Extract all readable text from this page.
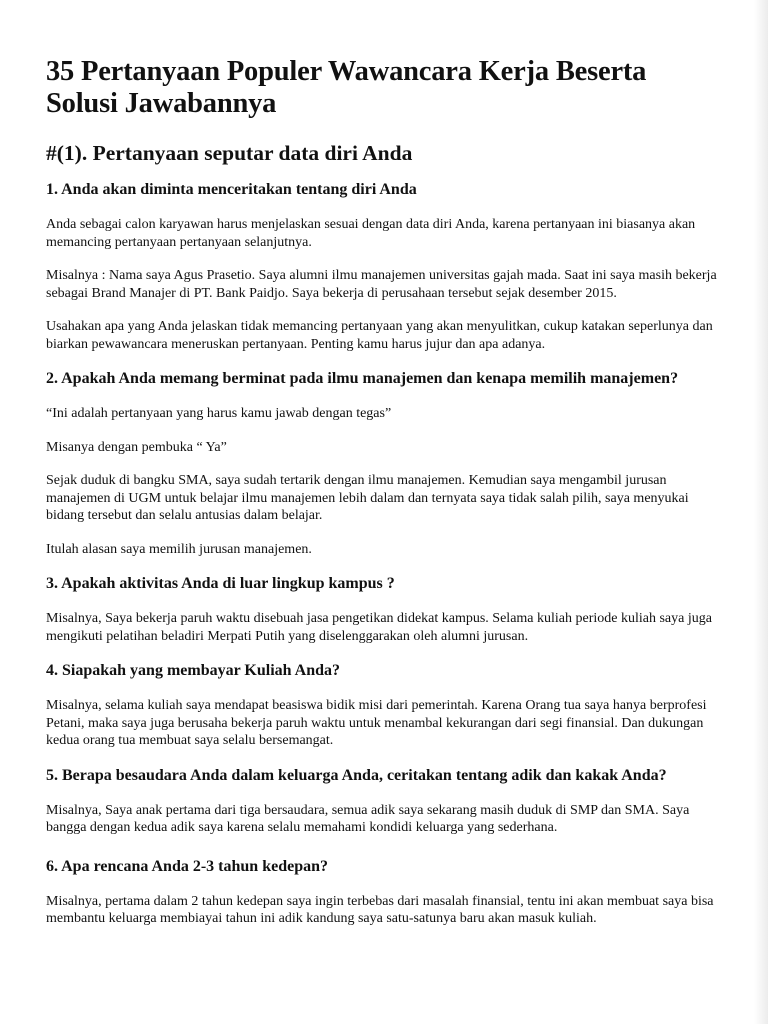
35 Pertanyaan Populer Wawancara Kerja Beserta Solusi Jawabannya
#(1). Pertanyaan seputar data diri Anda
1. Anda akan diminta menceritakan tentang diri Anda

Anda sebagai calon karyawan harus menjelaskan sesuai dengan data diri Anda, karena pertanyaan ini biasanya akan memancing pertanyaan pertanyaan selanjutnya.

Misalnya : Nama saya Agus Prasetio. Saya alumni ilmu manajemen universitas gajah mada. Saat ini saya masih bekerja sebagai Brand Manajer di PT. Bank Paidjo. Saya bekerja di perusahaan tersebut sejak desember 2015.

Usahakan apa yang Anda jelaskan tidak memancing pertanyaan yang akan menyulitkan, cukup katakan seperlunya dan biarkan pewawancara meneruskan pertanyaan. Penting kamu harus jujur dan apa adanya.

2. Apakah Anda memang berminat pada ilmu manajemen dan kenapa memilih manajemen?

“Ini adalah pertanyaan yang harus kamu jawab dengan tegas”

Misanya dengan pembuka “ Ya”

Sejak duduk di bangku SMA, saya sudah tertarik dengan ilmu manajemen. Kemudian saya mengambil jurusan manajemen di UGM untuk belajar ilmu manajemen lebih dalam dan ternyata saya tidak salah pilih, saya menyukai bidang tersebut dan selalu antusias dalam belajar.

Itulah alasan saya memilih jurusan manajemen.

3. Apakah aktivitas Anda di luar lingkup kampus ?

Misalnya, Saya bekerja paruh waktu disebuah jasa pengetikan didekat kampus. Selama kuliah periode kuliah saya juga mengikuti pelatihan beladiri Merpati Putih yang diselenggarakan oleh alumni jurusan.

4. Siapakah yang membayar Kuliah Anda?

Misalnya, selama kuliah saya mendapat beasiswa bidik misi dari pemerintah. Karena Orang tua saya hanya berprofesi Petani, maka saya juga berusaha bekerja paruh waktu untuk menambal kekurangan dari segi finansial. Dan dukungan kedua orang tua membuat saya selalu bersemangat.

5. Berapa besaudara Anda dalam keluarga Anda, ceritakan tentang adik dan kakak Anda?

Misalnya, Saya anak pertama dari tiga bersaudara, semua adik saya sekarang masih duduk di SMP dan SMA. Saya bangga dengan kedua adik saya karena selalu memahami kondidi keluarga yang sederhana.

6. Apa rencana Anda 2-3 tahun kedepan?

Misalnya, pertama dalam 2 tahun kedepan saya ingin terbebas dari masalah finansial, tentu ini akan membuat saya bisa membantu keluarga membiayai tahun ini adik kandung saya satu-satunya baru akan masuk kuliah.
